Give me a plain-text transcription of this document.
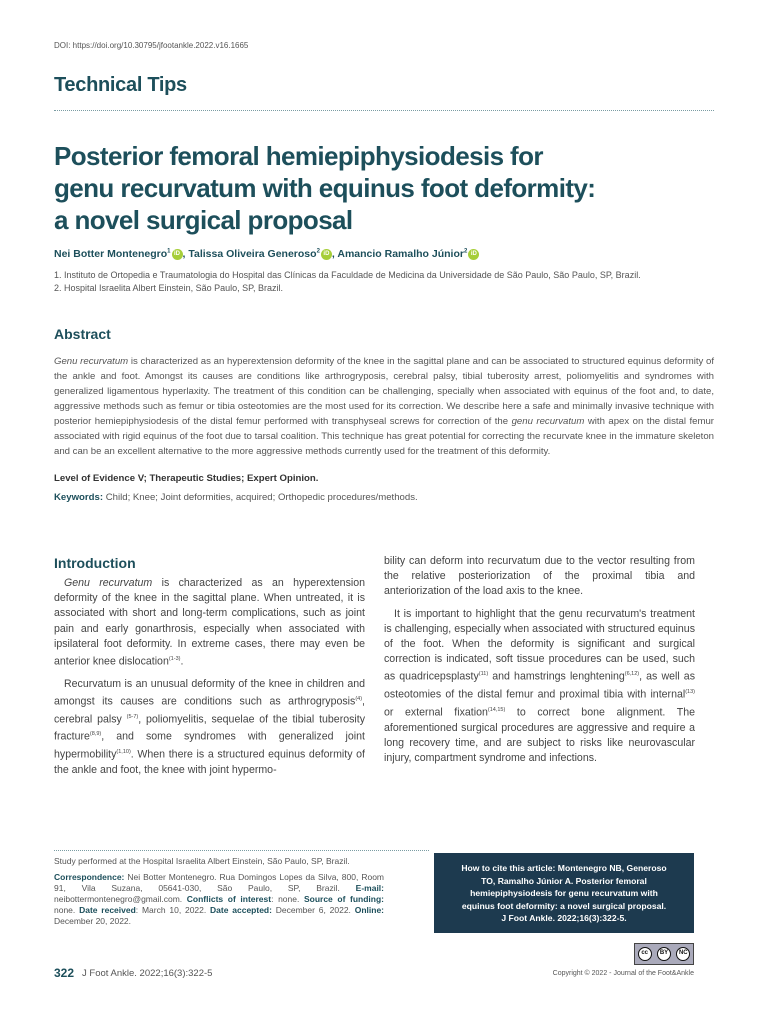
DOI: https://doi.org/10.30795/jfootankle.2022.v16.1665
Technical Tips
Posterior femoral hemiepiphysiodesis for
genu recurvatum with equinus foot deformity:
a novel surgical proposal
Nei Botter Montenegro$^1$ iD , Talissa Oliveira Generoso$^2$ iD , Amancio Ramalho Júnior$^2$ iD
1. Instituto de Ortopedia e Traumatologia do Hospital das Clínicas da Faculdade de Medicina da Universidade de São Paulo, São Paulo, SP, Brazil.
2. Hospital Israelita Albert Einstein, São Paulo, SP, Brazil.
Abstract

Genu recurvatum is characterized as an hyperextension deformity of the knee in the sagittal plane and can be associated to structured equinus deformity of the ankle and foot. Amongst its causes are conditions like arthrogryposis, cerebral palsy, tibial tuberosity arrest, poliomyelitis and syndromes with generalized ligamentous hyperlaxity. The treatment of this condition can be challenging, specially when associated with equinus of the foot and, to date, aggressive methods such as femur or tibia osteotomies are the most used for its correction. We describe here a safe and minimally invasive technique with posterior hemiepiphysiodesis of the distal femur performed with transphyseal screws for correction of the genu recurvatum with apex on the distal femur associated with rigid equinus of the foot due to tarsal coalition. This technique has great potential for correcting the recurvate knee in the immature skeleton and can be an excellent alternative to the more aggressive methods currently used for the treatment of this deformity.

Level of Evidence V; Therapeutic Studies; Expert Opinion.
Keywords: Child; Knee; Joint deformities, acquired; Orthopedic procedures/methods.
Introduction

Genu recurvatum is characterized as an hyperextension deformity of the knee in the sagittal plane. When untreated, it is associated with short and long-term complications, such as joint pain and early gonarthrosis, especially when associated with ipsilateral foot deformity. In extreme cases, there may even be anterior knee dislocation$^{(1-3)}$.

Recurvatum is an unusual deformity of the knee in children and amongst its causes are conditions such as arthrogryposis$^{(4)}$, cerebral palsy $^{(5-7)}$, poliomyelitis, sequelae of the tibial tuberosity fracture$^{(8,9)}$, and some syndromes with generalized joint hypermobility$^{(1,10)}$. When there is a structured equinus deformity of the ankle and foot, the knee with joint hypermo-

bility can deform into recurvatum due to the vector resulting from the relative posteriorization of the proximal tibia and anteriorization of the load axis to the knee.

It is important to highlight that the genu recurvatum's treatment is challenging, especially when associated with structured equinus of the foot. When the deformity is significant and surgical correction is indicated, soft tissue procedures can be used, such as quadricepsplasty$^{(11)}$ and hamstrings lenghtening$^{(6,12)}$, as well as osteotomies of the distal femur and proximal tibia with internal$^{(13)}$ or external fixation$^{(14,15)}$ to correct bone alignment. The aforementioned surgical procedures are aggressive and require a long recovery time, and are subject to risks like neurovascular injury, compartment syndrome and infections.

Study performed at the Hospital Israelita Albert Einstein, São Paulo, SP, Brazil.
Correspondence: Nei Botter Montenegro. Rua Domingos Lopes da Silva, 800, Room 91, Vila Suzana, 05641-030, São Paulo, SP, Brazil. E-mail: neibottermontenegro@gmail.com. Conflicts of interest: none. Source of funding: none. Date received: March 10, 2022. Date accepted: December 6, 2022. Online: December 20, 2022.
How to cite this article: Montenegro NB, Generoso
TO, Ramalho Júnior A. Posterior femoral
hemiepiphysiodesis for genu recurvatum with
equinus foot deformity: a novel surgical proposal.
J Foot Ankle. 2022;16(3):322-5.
cc	BY	NC
322 J Foot Ankle. 2022;16(3):322-5	Copyright © 2022 - Journal of the Foot&Ankle
